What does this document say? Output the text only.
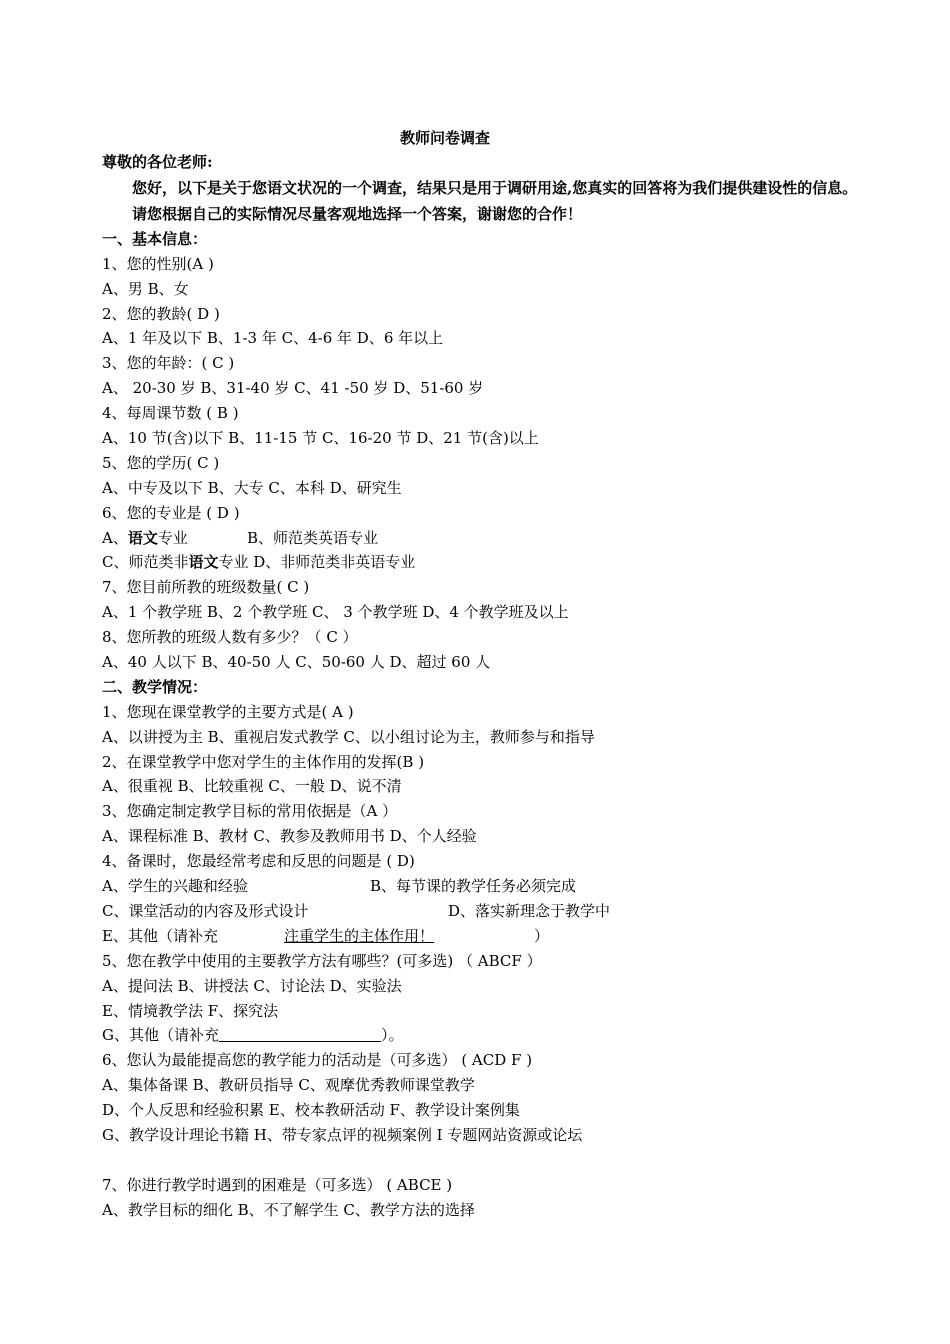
教师问卷调查
尊敬的各位老师:
您好，以下是关于您语文状况的一个调查，结果只是用于调研用途,您真实的回答将为我们提供建设性的信息。请您根据自己的实际情况尽量客观地选择一个答案，谢谢您的合作！
一、基本信息：
1、您的性别(A )
A、男 B、女
2、您的教龄( D )
A、1 年及以下 B、1-3 年 C、4-6 年 D、6 年以上
3、您的年龄：( C )
A、 20-30 岁 B、31-40 岁 C、41 -50 岁 D、51-60 岁
4、每周课节数 ( B )
A、10 节(含)以下 B、11-15 节 C、16-20 节 D、21 节(含)以上
5、您的学历( C )
A、中专及以下 B、大专 C、本科 D、研究生
6、您的专业是 ( D )
A、语文专业	B、师范类英语专业
C、师范类非语文专业 D、非师范类非英语专业
7、您目前所教的班级数量( C )
A、1 个教学班 B、2 个教学班 C、 3 个教学班 D、4 个教学班及以上
8、您所教的班级人数有多少？（ C ）
A、40 人以下 B、40-50 人 C、50-60 人 D、超过 60 人
二、教学情况：
1、您现在课堂教学的主要方式是( A )
A、以讲授为主 B、重视启发式教学 C、以小组讨论为主，教师参与和指导
2、在课堂教学中您对学生的主体作用的发挥(B )
A、很重视 B、比较重视 C、一般 D、说不清
3、您确定制定教学目标的常用依据是（A ）
A、课程标准 B、教材 C、教参及教师用书 D、个人经验
4、备课时，您最经常考虑和反思的问题是 ( D)
A、学生的兴趣和经验	B、每节课的教学任务必须完成
C、课堂活动的内容及形式设计	D、落实新理念于教学中
E、其他（请补充	注重学生的主体作用！	）
5、您在教学中使用的主要教学方法有哪些？(可多选) （ ABCF ）
A、提问法 B、讲授法 C、讨论法 D、实验法
E、情境教学法 F、探究法
G、其他（请补充	）。
6、您认为最能提高您的教学能力的活动是（可多选） ( ACD F )
A、集体备课 B、教研员指导 C、观摩优秀教师课堂教学
D、个人反思和经验积累 E、校本教研活动 F、教学设计案例集
G、教学设计理论书籍 H、带专家点评的视频案例 I 专题网站资源或论坛
7、你进行教学时遇到的困难是（可多选） ( ABCE )
A、教学目标的细化 B、不了解学生 C、教学方法的选择
